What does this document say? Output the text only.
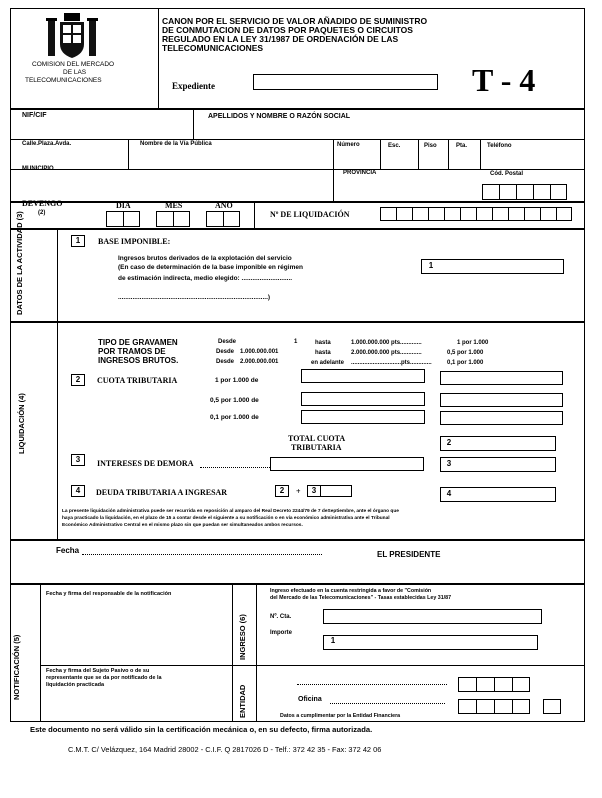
COMISION DEL MERCADO
DE LAS
TELECOMUNICACIONES
CANON POR EL SERVICIO DE VALOR AÑADIDO DE SUMINISTRO
DE CONMUTACION DE DATOS POR PAQUETES O CIRCUITOS
REGULADO EN LA LEY 31/1987 DE ORDENACIÓN DE LAS
TELECOMUNICACIONES
Expediente	T - 4
NIF/CIF	APELLIDOS Y NOMBRE O RAZÓN SOCIAL
Calle.Plaza.Avda.	Nombre de la Vía Pública	Número	Esc.	Piso	Pta.	Teléfono
MUNICIPIO
PROVINCIA	Cód. Postal
DEVENGO
(2)
DIA	MES	AÑO
Nº DE LIQUIDACIÓN
DATOS DE LA ACTIVIDAD (3)	1	BASE IMPONIBLE:
Ingresos brutos derivados de la explotación del servicio
(En caso de determinación de la base imponible en régimen
de estimación indirecta, medio elegido: ............................
...................................................................................)
1
LIQUIDACIÓN (4)
TIPO DE GRAVAMEN
POR TRAMOS DE
INGRESOS BRUTOS.
Desde	1	hasta	1.000.000.000 pts.............	1 por 1.000
Desde 1.000.000.001	hasta	2.000.000.000 pts.............	0,5 por 1.000
Desde 2.000.000.001	en adelante ..............................pts.............	0,1 por 1.000
2	CUOTA TRIBUTARIA	1 por 1.000 de
0,5 por 1.000 de
0,1 por 1.000 de
TOTAL CUOTA
TRIBUTARIA
2
3	INTERESES DE DEMORA	3
4	DEUDA TRIBUTARIA A INGRESAR	2	+	3	4
La presente liquidación administrativa puede ser recurrida en reposición al amparo del Real Decreto 2244/79 de 7 deSeptiembre, ante el órgano que
haya practicado la liquidación, en el plazo de 15 a contar desde el siguiente a su notificación o en vía económico administrativa ante el Tribunal
Económico Administrativo Central en el mismo plazo sin que puedan ser simultaneados ambos recursos.
Fecha	EL PRESIDENTE
NOTIFICACIÓN (5)
Fecha y firma del responsable de la notificación
Fecha y firma del Sujeto Pasivo o de su
representante que se da por notificado de la
liquidación practicada
INGRESO (6)
Ingreso efectuado en la cuenta restringida a favor de "Comisión
del Mercado de las Telecomunicaciones" - Tasas establecidas Ley 31/87
Nº. Cta.
Importe
1
ENTIDAD	Oficina
Datos a cumplimentar por la Entidad Financiera
Este documento no será válido sin la certificación mecánica o, en su defecto, firma autorizada.
C.M.T. C/ Velázquez, 164 Madrid 28002 - C.I.F. Q 2817026 D - Telf.: 372 42 35 - Fax: 372 42 06
